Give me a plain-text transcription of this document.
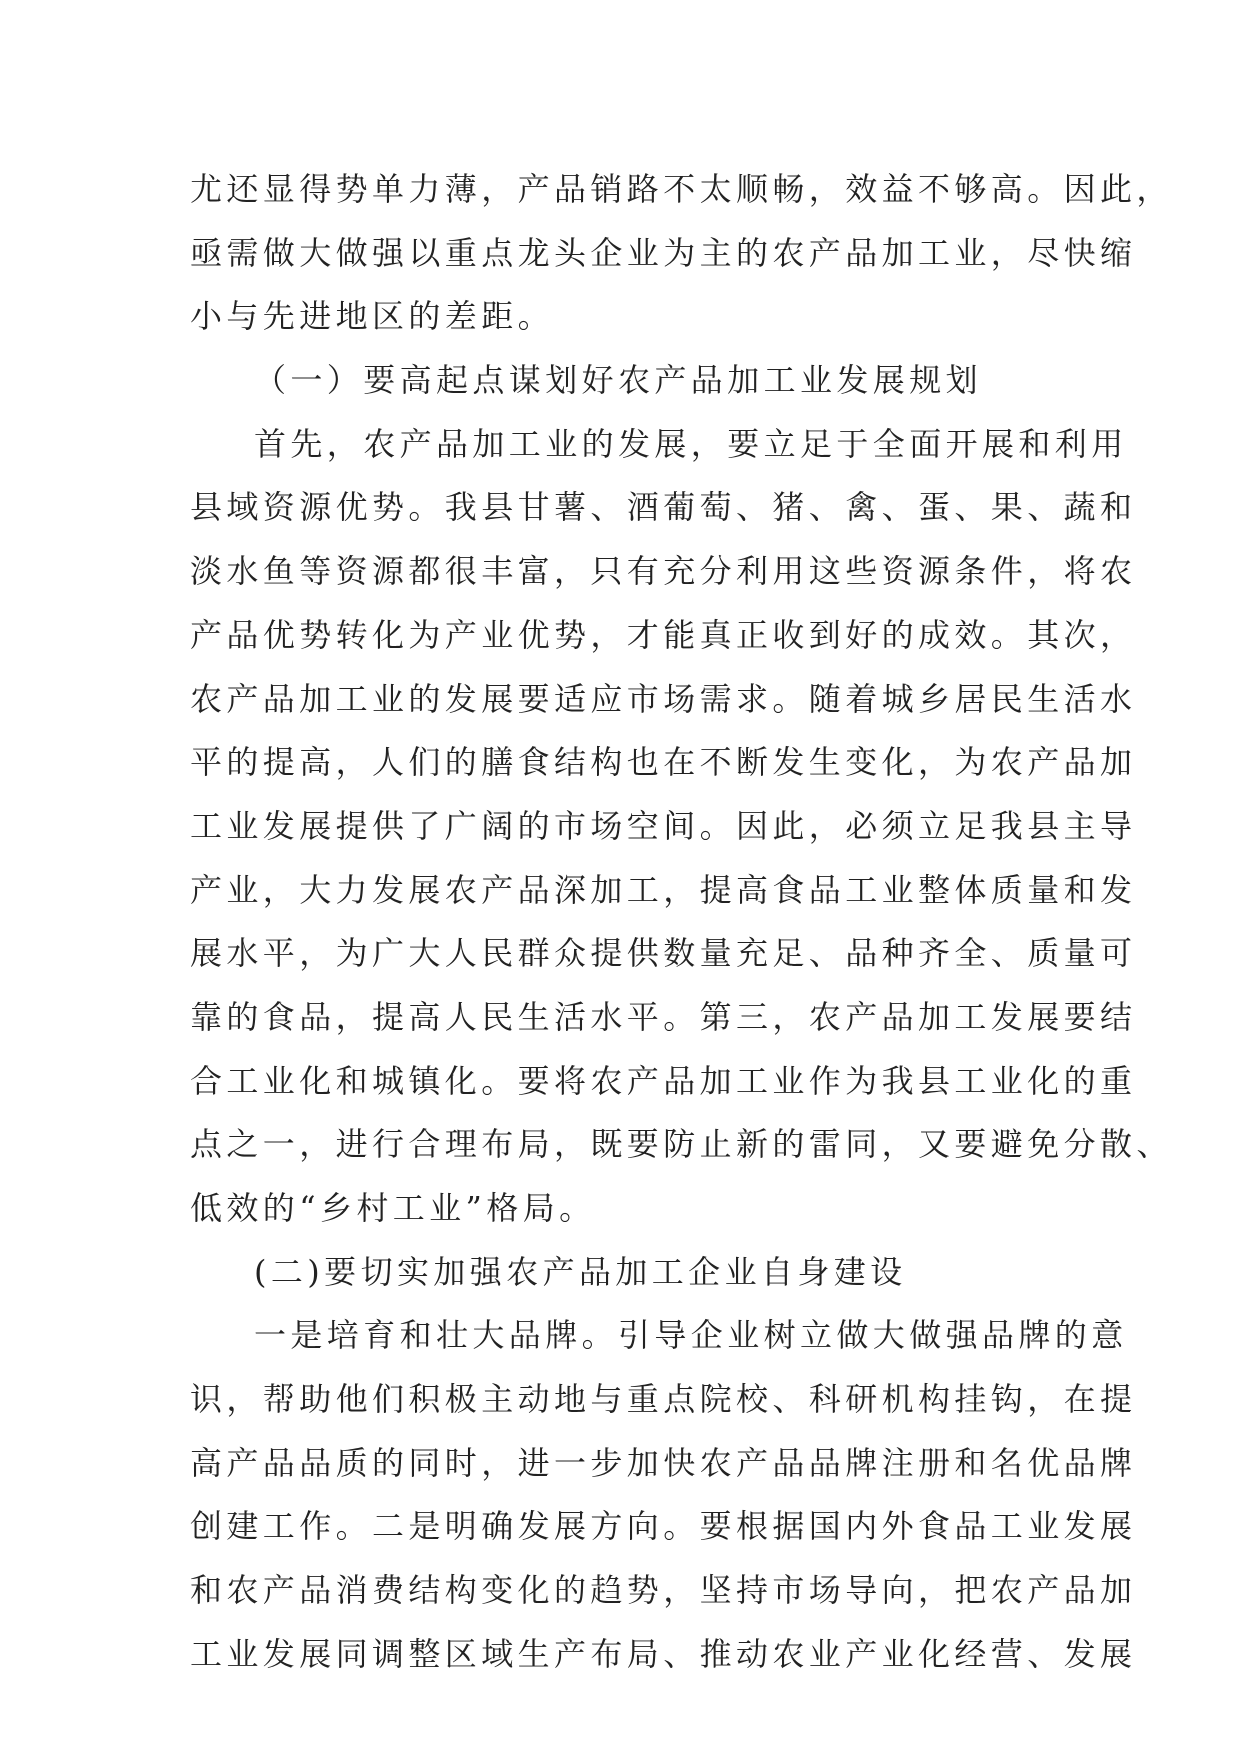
尤还显得势单力薄，产品销路不太顺畅，效益不够高。因此，
亟需做大做强以重点龙头企业为主的农产品加工业，尽快缩
小与先进地区的差距。
（一）要高起点谋划好农产品加工业发展规划
首先，农产品加工业的发展，要立足于全面开展和利用
县域资源优势。我县甘薯、酒葡萄、猪、禽、蛋、果、蔬和
淡水鱼等资源都很丰富，只有充分利用这些资源条件，将农
产品优势转化为产业优势，才能真正收到好的成效。其次，
农产品加工业的发展要适应市场需求。随着城乡居民生活水
平的提高，人们的膳食结构也在不断发生变化，为农产品加
工业发展提供了广阔的市场空间。因此，必须立足我县主导
产业，大力发展农产品深加工，提高食品工业整体质量和发
展水平，为广大人民群众提供数量充足、品种齐全、质量可
靠的食品，提高人民生活水平。第三，农产品加工发展要结
合工业化和城镇化。要将农产品加工业作为我县工业化的重
点之一，进行合理布局，既要防止新的雷同，又要避免分散、
低效的“乡村工业”格局。
(二)要切实加强农产品加工企业自身建设
一是培育和壮大品牌。引导企业树立做大做强品牌的意
识，帮助他们积极主动地与重点院校、科研机构挂钩，在提
高产品品质的同时，进一步加快农产品品牌注册和名优品牌
创建工作。二是明确发展方向。要根据国内外食品工业发展
和农产品消费结构变化的趋势，坚持市场导向，把农产品加
工业发展同调整区域生产布局、推动农业产业化经营、发展
